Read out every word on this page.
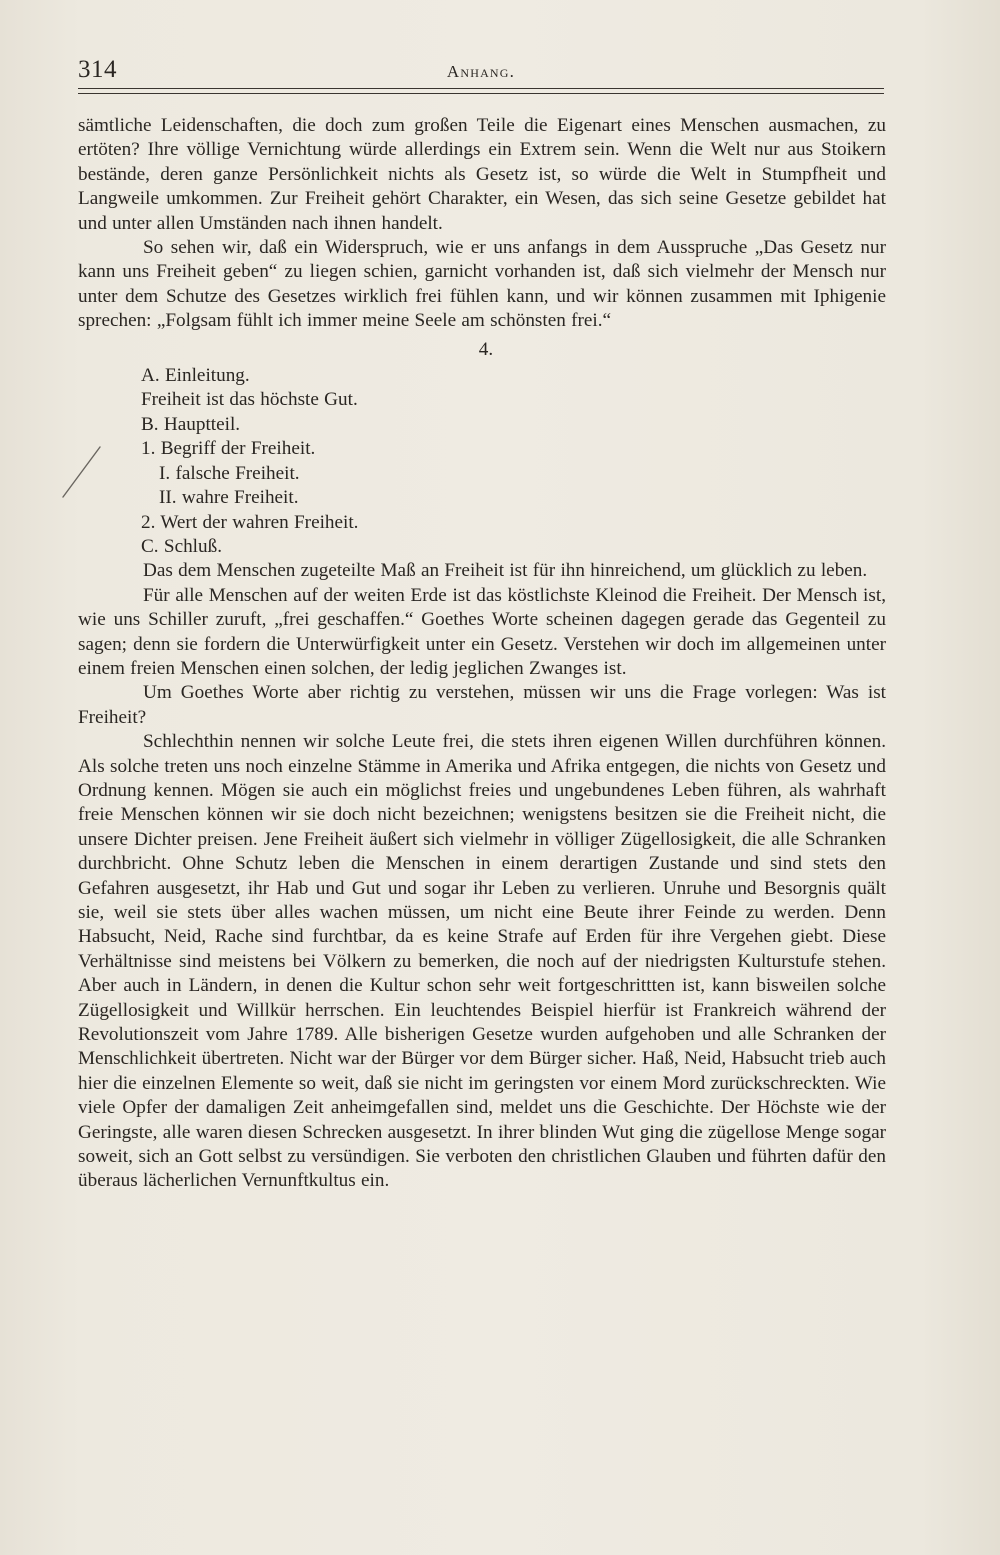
314	Anhang.

sämtliche Leidenschaften, die doch zum großen Teile die Eigenart eines Menschen ausmachen, zu ertöten? Ihre völlige Vernichtung würde allerdings ein Extrem sein. Wenn die Welt nur aus Stoikern bestände, deren ganze Persönlichkeit nichts als Gesetz ist, so würde die Welt in Stumpfheit und Langweile umkommen. Zur Freiheit gehört Charakter, ein Wesen, das sich seine Gesetze gebildet hat und unter allen Umständen nach ihnen handelt.

So sehen wir, daß ein Widerspruch, wie er uns anfangs in dem Ausspruche „Das Gesetz nur kann uns Freiheit geben“ zu liegen schien, garnicht vorhanden ist, daß sich vielmehr der Mensch nur unter dem Schutze des Gesetzes wirklich frei fühlen kann, und wir können zusammen mit Iphigenie sprechen: „Folgsam fühlt ich immer meine Seele am schönsten frei.“

4.
A. Einleitung.
Freiheit ist das höchste Gut.
B. Hauptteil.
1. Begriff der Freiheit.
I. falsche Freiheit.
II. wahre Freiheit.
2. Wert der wahren Freiheit.
C. Schluß.

Das dem Menschen zugeteilte Maß an Freiheit ist für ihn hinreichend, um glücklich zu leben.

Für alle Menschen auf der weiten Erde ist das köstlichste Kleinod die Freiheit. Der Mensch ist, wie uns Schiller zuruft, „frei geschaffen.“ Goethes Worte scheinen dagegen gerade das Gegenteil zu sagen; denn sie fordern die Unterwürfigkeit unter ein Gesetz. Verstehen wir doch im allgemeinen unter einem freien Menschen einen solchen, der ledig jeglichen Zwanges ist.

Um Goethes Worte aber richtig zu verstehen, müssen wir uns die Frage vorlegen: Was ist Freiheit?

Schlechthin nennen wir solche Leute frei, die stets ihren eigenen Willen durchführen können. Als solche treten uns noch einzelne Stämme in Amerika und Afrika entgegen, die nichts von Gesetz und Ordnung kennen. Mögen sie auch ein möglichst freies und ungebundenes Leben führen, als wahrhaft freie Menschen können wir sie doch nicht bezeichnen; wenigstens besitzen sie die Freiheit nicht, die unsere Dichter preisen. Jene Freiheit äußert sich vielmehr in völliger Zügellosigkeit, die alle Schranken durchbricht. Ohne Schutz leben die Menschen in einem derartigen Zustande und sind stets den Gefahren ausgesetzt, ihr Hab und Gut und sogar ihr Leben zu verlieren. Unruhe und Besorgnis quält sie, weil sie stets über alles wachen müssen, um nicht eine Beute ihrer Feinde zu werden. Denn Habsucht, Neid, Rache sind furchtbar, da es keine Strafe auf Erden für ihre Vergehen giebt. Diese Verhältnisse sind meistens bei Völkern zu bemerken, die noch auf der niedrigsten Kulturstufe stehen. Aber auch in Ländern, in denen die Kultur schon sehr weit fortgeschrittten ist, kann bisweilen solche Zügellosigkeit und Willkür herrschen. Ein leuchtendes Beispiel hierfür ist Frankreich während der Revolutionszeit vom Jahre 1789. Alle bisherigen Gesetze wurden aufgehoben und alle Schranken der Menschlichkeit übertreten. Nicht war der Bürger vor dem Bürger sicher. Haß, Neid, Habsucht trieb auch hier die einzelnen Elemente so weit, daß sie nicht im geringsten vor einem Mord zurückschreckten. Wie viele Opfer der damaligen Zeit anheimgefallen sind, meldet uns die Geschichte. Der Höchste wie der Geringste, alle waren diesen Schrecken ausgesetzt. In ihrer blinden Wut ging die zügellose Menge sogar soweit, sich an Gott selbst zu versündigen. Sie verboten den christlichen Glauben und führten dafür den überaus lächerlichen Vernunftkultus ein.
